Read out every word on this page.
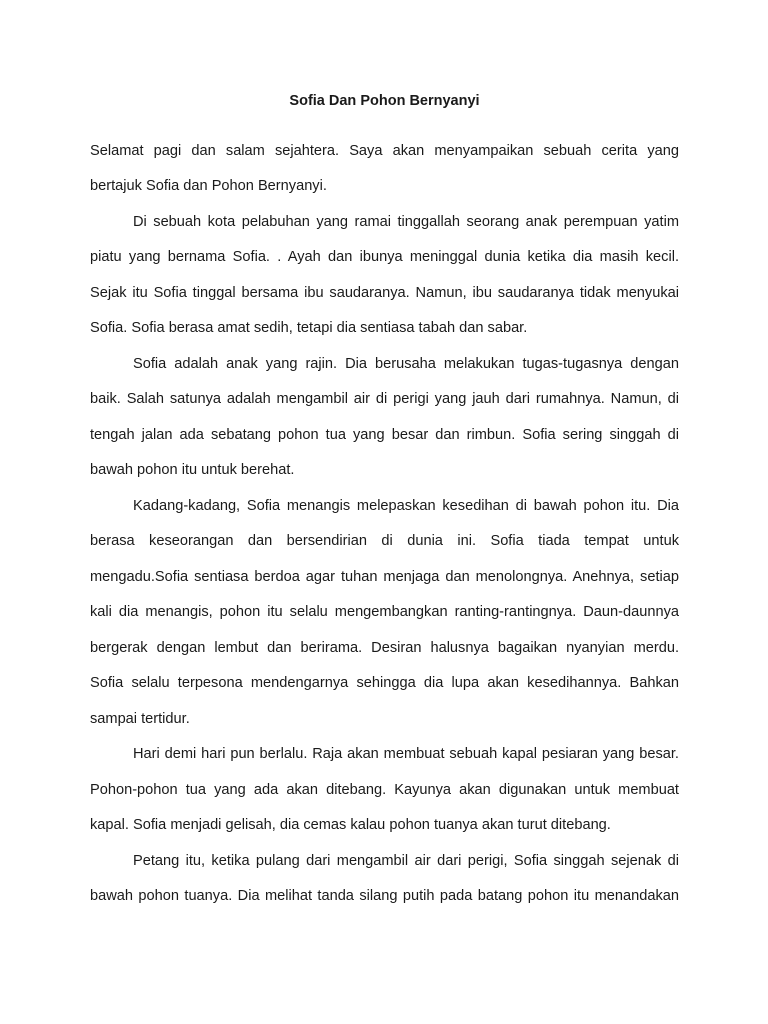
Sofia Dan Pohon Bernyanyi

Selamat pagi dan salam sejahtera. Saya akan menyampaikan sebuah cerita yang

bertajuk Sofia dan Pohon Bernyanyi.

Di sebuah kota pelabuhan yang ramai tinggallah seorang anak perempuan yatim

piatu yang bernama Sofia. . Ayah dan ibunya meninggal dunia ketika dia masih kecil.

Sejak itu Sofia tinggal bersama ibu saudaranya. Namun, ibu saudaranya tidak menyukai

Sofia. Sofia berasa amat sedih, tetapi dia sentiasa tabah dan sabar.

Sofia adalah anak yang rajin. Dia berusaha melakukan tugas-tugasnya dengan

baik. Salah satunya adalah mengambil air di perigi yang jauh dari rumahnya. Namun, di

tengah jalan ada sebatang pohon tua yang besar dan rimbun. Sofia sering singgah di

bawah pohon itu untuk berehat.

Kadang-kadang, Sofia menangis melepaskan kesedihan di bawah pohon itu. Dia

berasa keseorangan dan bersendirian di dunia ini. Sofia tiada tempat untuk

mengadu.Sofia sentiasa berdoa agar tuhan menjaga dan menolongnya. Anehnya, setiap

kali dia menangis, pohon itu selalu mengembangkan ranting-rantingnya. Daun-daunnya

bergerak dengan lembut dan berirama. Desiran halusnya bagaikan nyanyian merdu.

Sofia selalu terpesona mendengarnya sehingga dia lupa akan kesedihannya. Bahkan

sampai tertidur.

Hari demi hari pun berlalu. Raja akan membuat sebuah kapal pesiaran yang besar.

Pohon-pohon tua yang ada akan ditebang. Kayunya akan digunakan untuk membuat

kapal. Sofia menjadi gelisah, dia cemas kalau pohon tuanya akan turut ditebang.

Petang itu, ketika pulang dari mengambil air dari perigi, Sofia singgah sejenak di

bawah pohon tuanya. Dia melihat tanda silang putih pada batang pohon itu menandakan
